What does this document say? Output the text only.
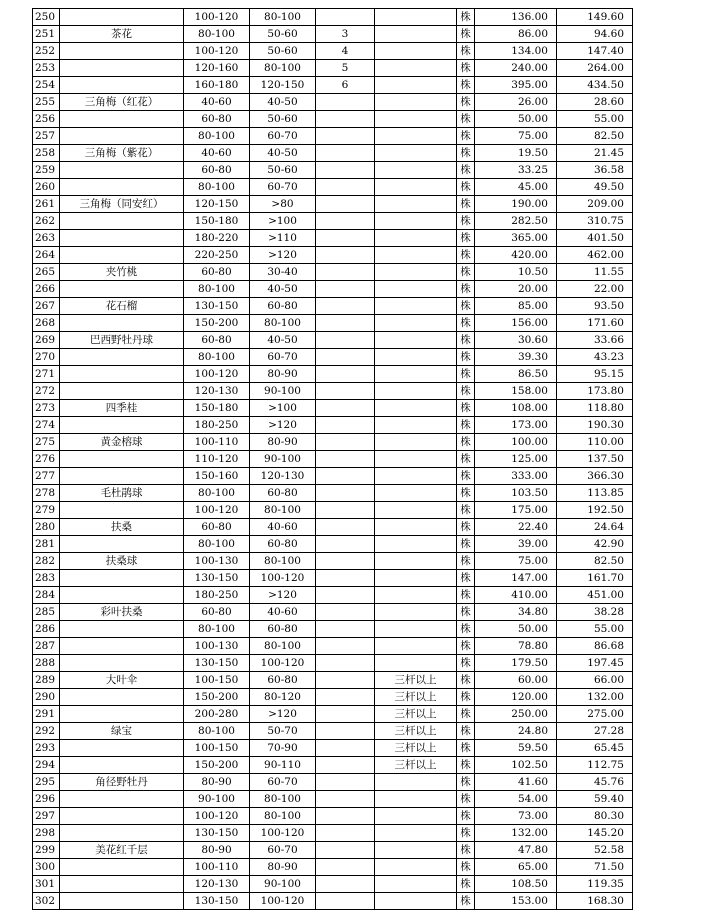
250		100-120	80-100			株	136.00	149.60
251	茶花	80-100	50-60	3		株	86.00	94.60
252		100-120	50-60	4		株	134.00	147.40
253		120-160	80-100	5		株	240.00	264.00
254		160-180	120-150	6		株	395.00	434.50
255	三角梅（红花）	40-60	40-50			株	26.00	28.60
256		60-80	50-60			株	50.00	55.00
257		80-100	60-70			株	75.00	82.50
258	三角梅（紫花）	40-60	40-50			株	19.50	21.45
259		60-80	50-60			株	33.25	36.58
260		80-100	60-70			株	45.00	49.50
261	三角梅（同安红）	120-150	>80			株	190.00	209.00
262		150-180	>100			株	282.50	310.75
263		180-220	>110			株	365.00	401.50
264		220-250	>120			株	420.00	462.00
265	夹竹桃	60-80	30-40			株	10.50	11.55
266		80-100	40-50			株	20.00	22.00
267	花石榴	130-150	60-80			株	85.00	93.50
268		150-200	80-100			株	156.00	171.60
269	巴西野牡丹球	60-80	40-50			株	30.60	33.66
270		80-100	60-70			株	39.30	43.23
271		100-120	80-90			株	86.50	95.15
272		120-130	90-100			株	158.00	173.80
273	四季桂	150-180	>100			株	108.00	118.80
274		180-250	>120			株	173.00	190.30
275	黄金榕球	100-110	80-90			株	100.00	110.00
276		110-120	90-100			株	125.00	137.50
277		150-160	120-130			株	333.00	366.30
278	毛杜鹃球	80-100	60-80			株	103.50	113.85
279		100-120	80-100			株	175.00	192.50
280	扶桑	60-80	40-60			株	22.40	24.64
281		80-100	60-80			株	39.00	42.90
282	扶桑球	100-130	80-100			株	75.00	82.50
283		130-150	100-120			株	147.00	161.70
284		180-250	>120			株	410.00	451.00
285	彩叶扶桑	60-80	40-60			株	34.80	38.28
286		80-100	60-80			株	50.00	55.00
287		100-130	80-100			株	78.80	86.68
288		130-150	100-120			株	179.50	197.45
289	大叶伞	100-150	60-80		三杆以上	株	60.00	66.00
290		150-200	80-120		三杆以上	株	120.00	132.00
291		200-280	>120		三杆以上	株	250.00	275.00
292	绿宝	80-100	50-70		三杆以上	株	24.80	27.28
293		100-150	70-90		三杆以上	株	59.50	65.45
294		150-200	90-110		三杆以上	株	102.50	112.75
295	角径野牡丹	80-90	60-70			株	41.60	45.76
296		90-100	80-100			株	54.00	59.40
297		100-120	80-100			株	73.00	80.30
298		130-150	100-120			株	132.00	145.20
299	美花红千层	80-90	60-70			株	47.80	52.58
300		100-110	80-90			株	65.00	71.50
301		120-130	90-100			株	108.50	119.35
302		130-150	100-120			株	153.00	168.30
